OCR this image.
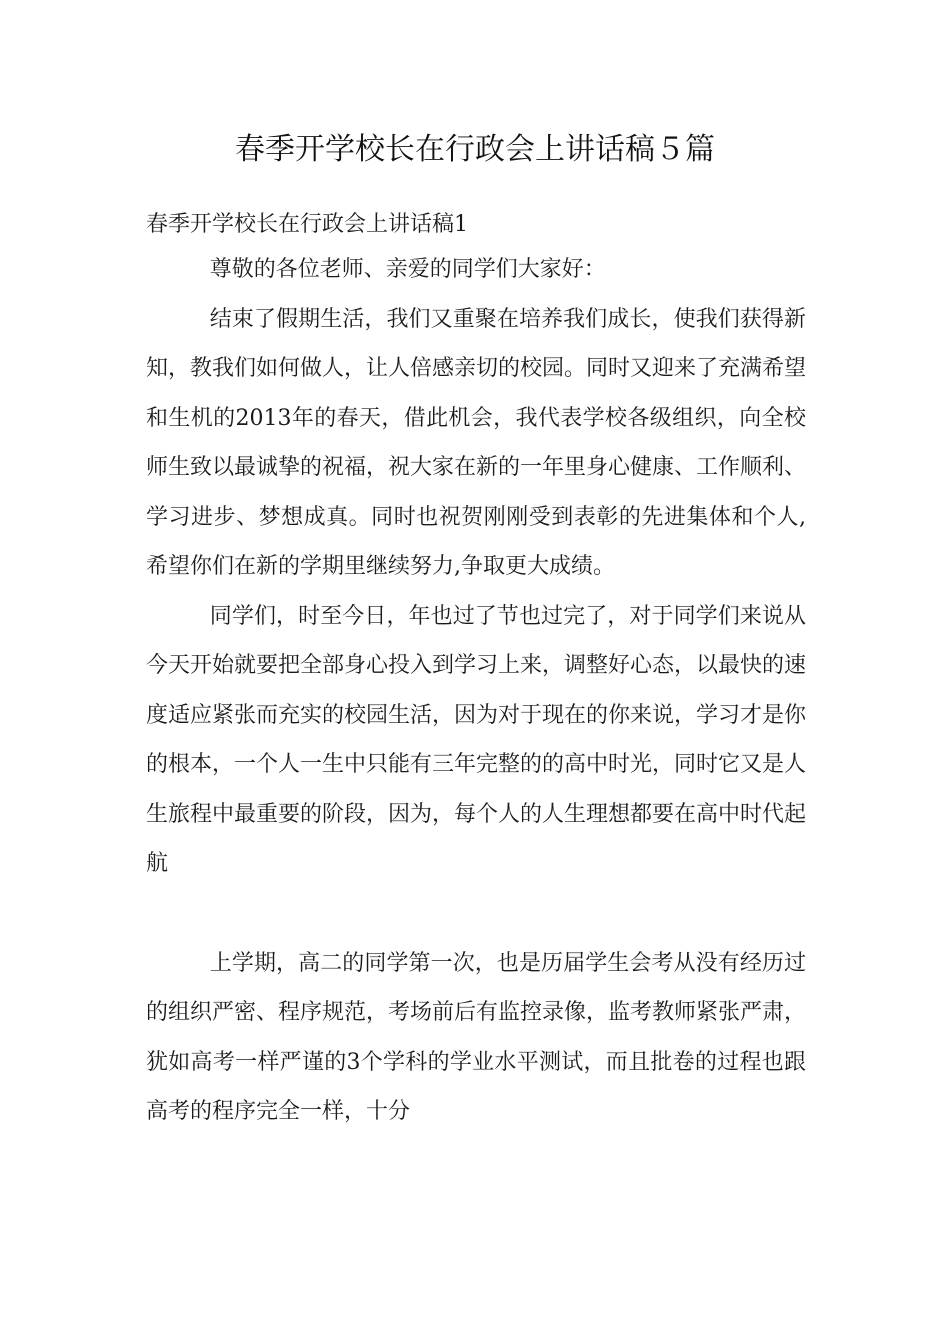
春季开学校长在行政会上讲话稿５篇

春季开学校长在行政会上讲话稿1

尊敬的各位老师、亲爱的同学们大家好：

结束了假期生活，我们又重聚在培养我们成长，使我们获得新知，教我们如何做人，让人倍感亲切的校园。同时又迎来了充满希望和生机的2013年的春天，借此机会，我代表学校各级组织，向全校师生致以最诚挚的祝福，祝大家在新的一年里身心健康、工作顺利、学习进步、梦想成真。同时也祝贺刚刚受到表彰的先进集体和个人,希望你们在新的学期里继续努力,争取更大成绩。

同学们，时至今日，年也过了节也过完了，对于同学们来说从今天开始就要把全部身心投入到学习上来，调整好心态，以最快的速度适应紧张而充实的校园生活，因为对于现在的你来说，学习才是你的根本，一个人一生中只能有三年完整的的高中时光，同时它又是人生旅程中最重要的阶段，因为，每个人的人生理想都要在高中时代起航

上学期，高二的同学第一次，也是历届学生会考从没有经历过的组织严密、程序规范，考场前后有监控录像，监考教师紧张严肃，犹如高考一样严谨的3个学科的学业水平测试，而且批卷的过程也跟高考的程序完全一样，十分
